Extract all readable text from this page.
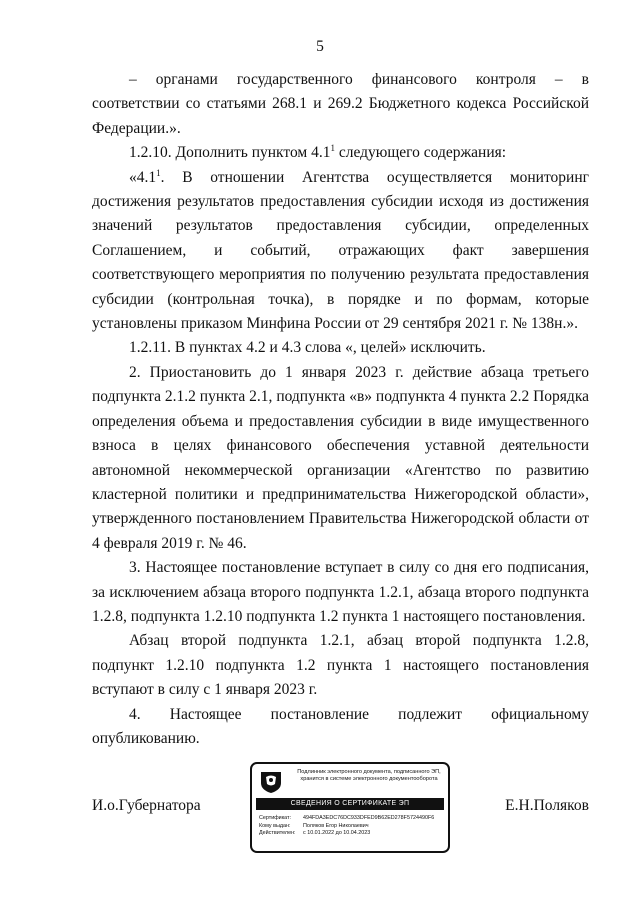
5

– органами государственного финансового контроля – в соответствии со статьями 268.1 и 269.2 Бюджетного кодекса Российской Федерации.».

1.2.10. Дополнить пунктом $4.1^1$ следующего содержания:

«$4.1^1$. В отношении Агентства осуществляется мониторинг достижения результатов предоставления субсидии исходя из достижения значений результатов предоставления субсидии, определенных Соглашением, и событий, отражающих факт завершения соответствующего мероприятия по получению результата предоставления субсидии (контрольная точка), в порядке и по формам, которые установлены приказом Минфина России от 29 сентября 2021 г. № 138н.».

1.2.11. В пунктах 4.2 и 4.3 слова «, целей» исключить.

2. Приостановить до 1 января 2023 г. действие абзаца третьего подпункта 2.1.2 пункта 2.1, подпункта «в» подпункта 4 пункта 2.2 Порядка определения объема и предоставления субсидии в виде имущественного взноса в целях финансового обеспечения уставной деятельности автономной некоммерческой организации «Агентство по развитию кластерной политики и предпринимательства Нижегородской области», утвержденного постановлением Правительства Нижегородской области от 4 февраля 2019 г. № 46.

3. Настоящее постановление вступает в силу со дня его подписания, за исключением абзаца второго подпункта 1.2.1, абзаца второго подпункта 1.2.8, подпункта 1.2.10 подпункта 1.2 пункта 1 настоящего постановления.

Абзац второй подпункта 1.2.1, абзац второй подпункта 1.2.8, подпункт 1.2.10 подпункта 1.2 пункта 1 настоящего постановления вступают в силу с 1 января 2023 г.

4. Настоящее постановление подлежит официальному опубликованию.

И.о.Губернатора	Е.Н.Поляков
Подлинник электронного документа, подписанного ЭП, хранится в системе электронного документооборота
СВЕДЕНИЯ О СЕРТИФИКАТЕ ЭП
Сертификат: 494FDA3EDC76DC933DFED9B62ED278F5724490F6
Кому выдан: Поляков Егор Николаевич
Действителен: с 10.01.2022 до 10.04.2023
